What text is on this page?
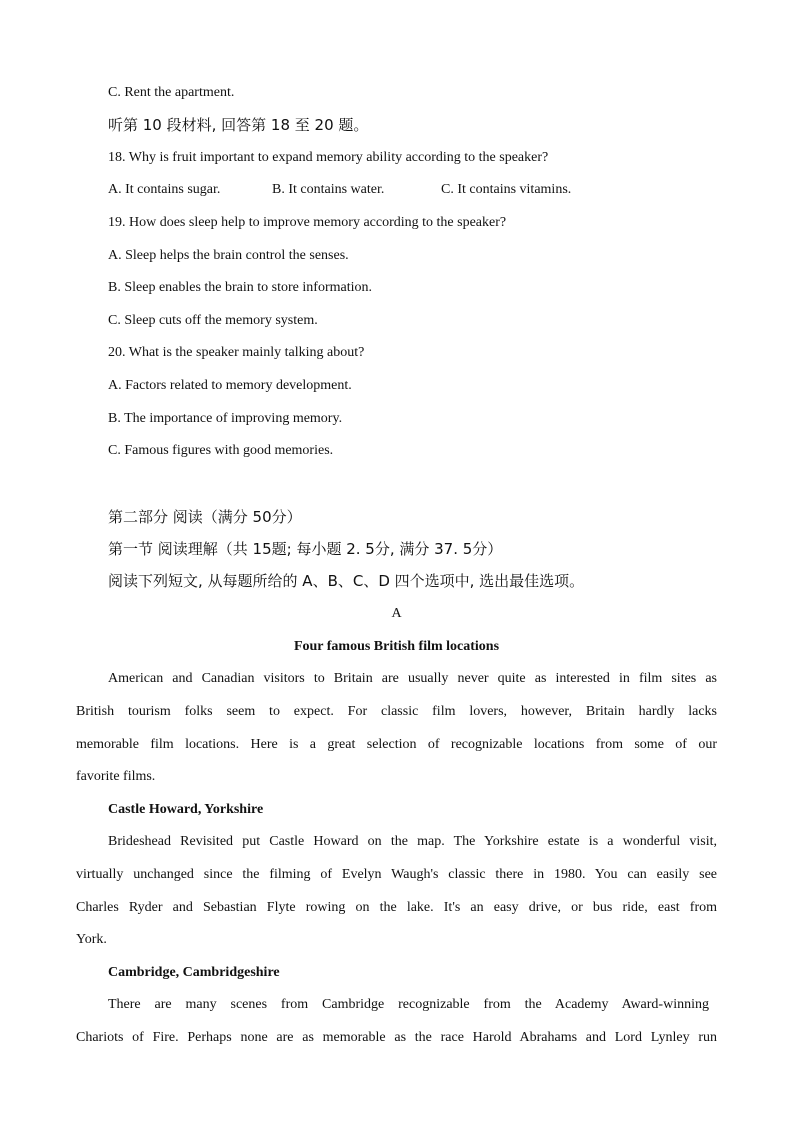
C. Rent the apartment.
听第 10 段材料, 回答第 18 至 20 题。
18. Why is fruit important to expand memory ability according to the speaker?
A. It contains sugar.	B. It contains water.	C. It contains vitamins.
19. How does sleep help to improve memory according to the speaker?
A. Sleep helps the brain control the senses.
B. Sleep enables the brain to store information.
C. Sleep cuts off the memory system.
20. What is the speaker mainly talking about?
A. Factors related to memory development.
B. The importance of improving memory.
C. Famous figures with good memories.
第二部分 阅读（满分 50分）
第一节 阅读理解（共 15题; 每小题 2. 5分, 满分 37. 5分）
阅读下列短文, 从每题所给的 A、B、C、D 四个选项中, 选出最佳选项。
A
Four famous British film locations
American and Canadian visitors to Britain are usually never quite as interested in film sites as
British tourism folks seem to expect. For classic film lovers, however, Britain hardly lacks
memorable film locations. Here is a great selection of recognizable locations from some of our
favorite films.
Castle Howard, Yorkshire
Brideshead Revisited put Castle Howard on the map. The Yorkshire estate is a wonderful visit,
virtually unchanged since the filming of Evelyn Waugh's classic there in 1980. You can easily see
Charles Ryder and Sebastian Flyte rowing on the lake. It's an easy drive, or bus ride, east from
York.
Cambridge, Cambridgeshire
There are many scenes from Cambridge recognizable from the Academy Award-winning
Chariots of Fire. Perhaps none are as memorable as the race Harold Abrahams and Lord Lynley run
